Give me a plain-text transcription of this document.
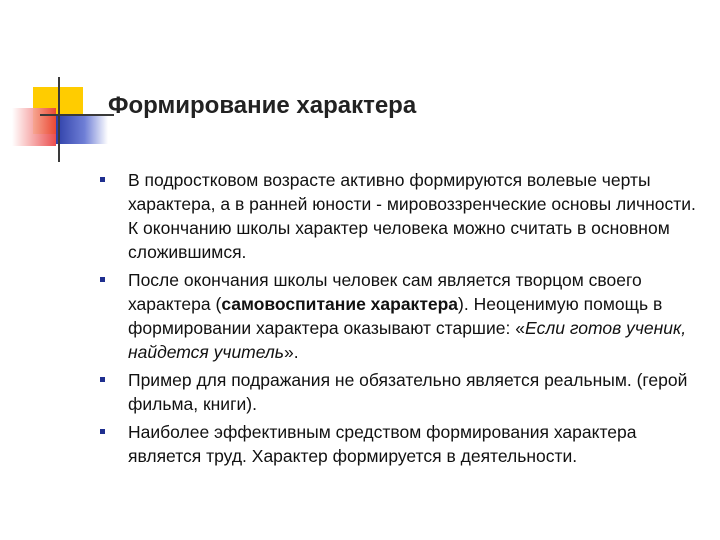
Формирование характера
В подростковом возрасте активно формируются волевые черты характера, а в ранней юности - мировоззренческие основы личности. К окончанию школы характер человека можно считать в основном сложившимся.
После окончания школы человек сам является творцом своего характера (самовоспитание характера). Неоценимую помощь в формировании характера оказывают старшие: «Если готов ученик, найдется учитель».
Пример для подражания не обязательно является реальным. (герой фильма, книги).
Наиболее эффективным средством формирования характера является труд. Характер формируется в деятельности.
